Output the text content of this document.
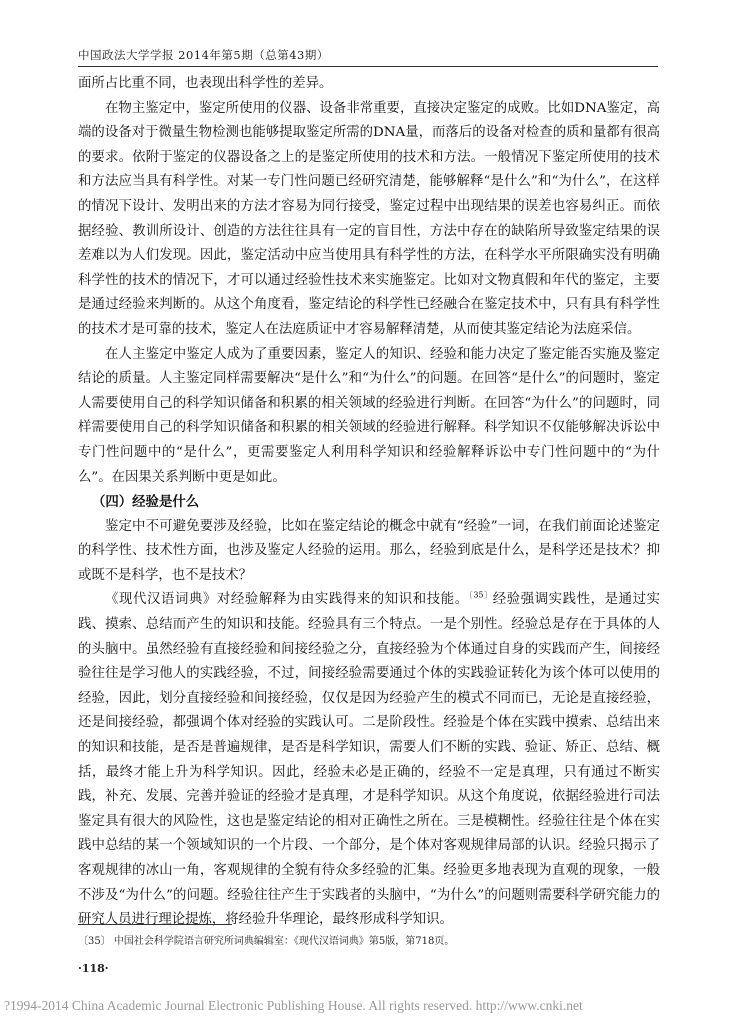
中国政法大学学报 2014年第5期（总第43期）

面所占比重不同，也表现出科学性的差异。

在物主鉴定中，鉴定所使用的仪器、设备非常重要，直接决定鉴定的成败。比如DNA鉴定，高端的设备对于微量生物检测也能够提取鉴定所需的DNA量，而落后的设备对检查的质和量都有很高的要求。依附于鉴定的仪器设备之上的是鉴定所使用的技术和方法。一般情况下鉴定所使用的技术和方法应当具有科学性。对某一专门性问题已经研究清楚，能够解释“是什么”和“为什么”，在这样的情况下设计、发明出来的方法才容易为同行接受，鉴定过程中出现结果的误差也容易纠正。而依据经验、教训所设计、创造的方法往往具有一定的盲目性，方法中存在的缺陷所导致鉴定结果的误差难以为人们发现。因此，鉴定活动中应当使用具有科学性的方法，在科学水平所限确实没有明确科学性的技术的情况下，才可以通过经验性技术来实施鉴定。比如对文物真假和年代的鉴定，主要是通过经验来判断的。从这个角度看，鉴定结论的科学性已经融合在鉴定技术中，只有具有科学性的技术才是可靠的技术，鉴定人在法庭质证中才容易解释清楚，从而使其鉴定结论为法庭采信。

在人主鉴定中鉴定人成为了重要因素，鉴定人的知识、经验和能力决定了鉴定能否实施及鉴定结论的质量。人主鉴定同样需要解决“是什么”和“为什么”的问题。在回答“是什么”的问题时，鉴定人需要使用自己的科学知识储备和积累的相关领域的经验进行判断。在回答“为什么”的问题时，同样需要使用自己的科学知识储备和积累的相关领域的经验进行解释。科学知识不仅能够解决诉讼中专门性问题中的“是什么”，更需要鉴定人利用科学知识和经验解释诉讼中专门性问题中的“为什么”。在因果关系判断中更是如此。

（四）经验是什么

鉴定中不可避免要涉及经验，比如在鉴定结论的概念中就有“经验”一词，在我们前面论述鉴定的科学性、技术性方面，也涉及鉴定人经验的运用。那么，经验到底是什么，是科学还是技术？抑或既不是科学，也不是技术？

《现代汉语词典》对经验解释为由实践得来的知识和技能。$^{〔35〕}$经验强调实践性，是通过实践、摸索、总结而产生的知识和技能。经验具有三个特点。一是个别性。经验总是存在于具体的人的头脑中。虽然经验有直接经验和间接经验之分，直接经验为个体通过自身的实践而产生，间接经验往往是学习他人的实践经验，不过，间接经验需要通过个体的实践验证转化为该个体可以使用的经验，因此，划分直接经验和间接经验，仅仅是因为经验产生的模式不同而已，无论是直接经验，还是间接经验，都强调个体对经验的实践认可。二是阶段性。经验是个体在实践中摸索、总结出来的知识和技能，是否是普遍规律，是否是科学知识，需要人们不断的实践、验证、矫正、总结、概括，最终才能上升为科学知识。因此，经验未必是正确的，经验不一定是真理，只有通过不断实践，补充、发展、完善并验证的经验才是真理，才是科学知识。从这个角度说，依据经验进行司法鉴定具有很大的风险性，这也是鉴定结论的相对正确性之所在。三是模糊性。经验往往是个体在实践中总结的某一个领域知识的一个片段、一个部分，是个体对客观规律局部的认识。经验只揭示了客观规律的冰山一角，客观规律的全貌有待众多经验的汇集。经验更多地表现为直观的现象，一般不涉及“为什么”的问题。经验往往产生于实践者的头脑中，“为什么”的问题则需要科学研究能力的研究人员进行理论提炼，将经验升华理论，最终形成科学知识。

〔35〕 中国社会科学院语言研究所词典编辑室：《现代汉语词典》第5版，第718页。
·118·
?1994-2014 China Academic Journal Electronic Publishing House. All rights reserved. http://www.cnki.net
